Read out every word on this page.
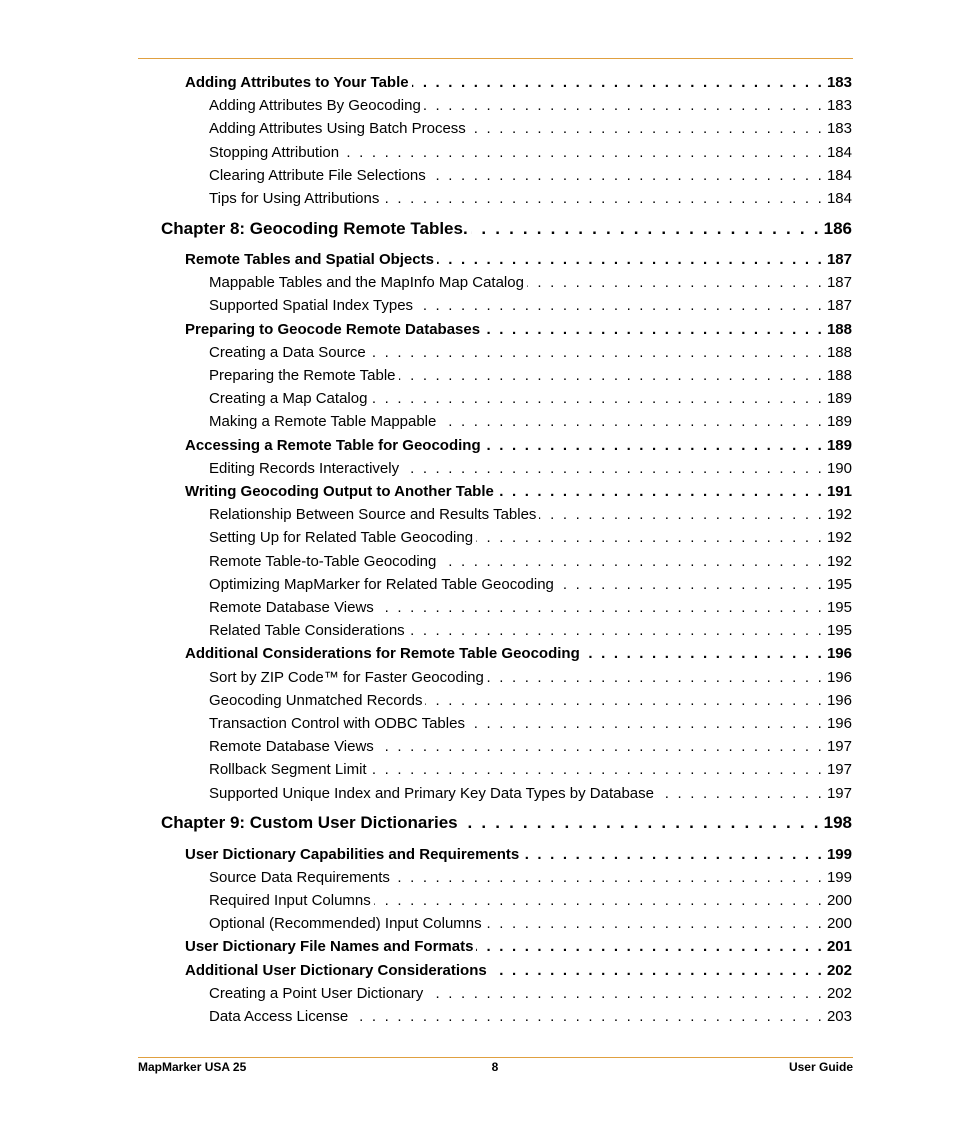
Adding Attributes to Your Table . . .	183
Adding Attributes By Geocoding . . .	183
Adding Attributes Using Batch Process . . .	183
Stopping Attribution . . .	184
Clearing Attribute File Selections . . .	184
Tips for Using Attributions . . .	184
Chapter 8: Geocoding Remote Tables. . . .	186
Remote Tables and Spatial Objects . . .	187
Mappable Tables and the MapInfo Map Catalog . . .	187
Supported Spatial Index Types . . .	187
Preparing to Geocode Remote Databases . . .	188
Creating a Data Source . . .	188
Preparing the Remote Table . . .	188
Creating a Map Catalog . . .	189
Making a Remote Table Mappable . . .	189
Accessing a Remote Table for Geocoding . . .	189
Editing Records Interactively . . .	190
Writing Geocoding Output to Another Table . . .	191
Relationship Between Source and Results Tables . . .	192
Setting Up for Related Table Geocoding . . .	192
Remote Table-to-Table Geocoding . . .	192
Optimizing MapMarker for Related Table Geocoding . . .	195
Remote Database Views . . .	195
Related Table Considerations . . .	195
Additional Considerations for Remote Table Geocoding . . .	196
Sort by ZIP Code™ for Faster Geocoding . . .	196
Geocoding Unmatched Records . . .	196
Transaction Control with ODBC Tables . . .	196
Remote Database Views . . .	197
Rollback Segment Limit . . .	197
Supported Unique Index and Primary Key Data Types by Database . . .	197
Chapter 9: Custom User Dictionaries . . .	198
User Dictionary Capabilities and Requirements . . .	199
Source Data Requirements . . .	199
Required Input Columns . . .	200
Optional (Recommended) Input Columns . . .	200
User Dictionary File Names and Formats . . .	201
Additional User Dictionary Considerations . . .	202
Creating a Point User Dictionary . . .	202
Data Access License . . .	203
MapMarker USA 25	8	User Guide
